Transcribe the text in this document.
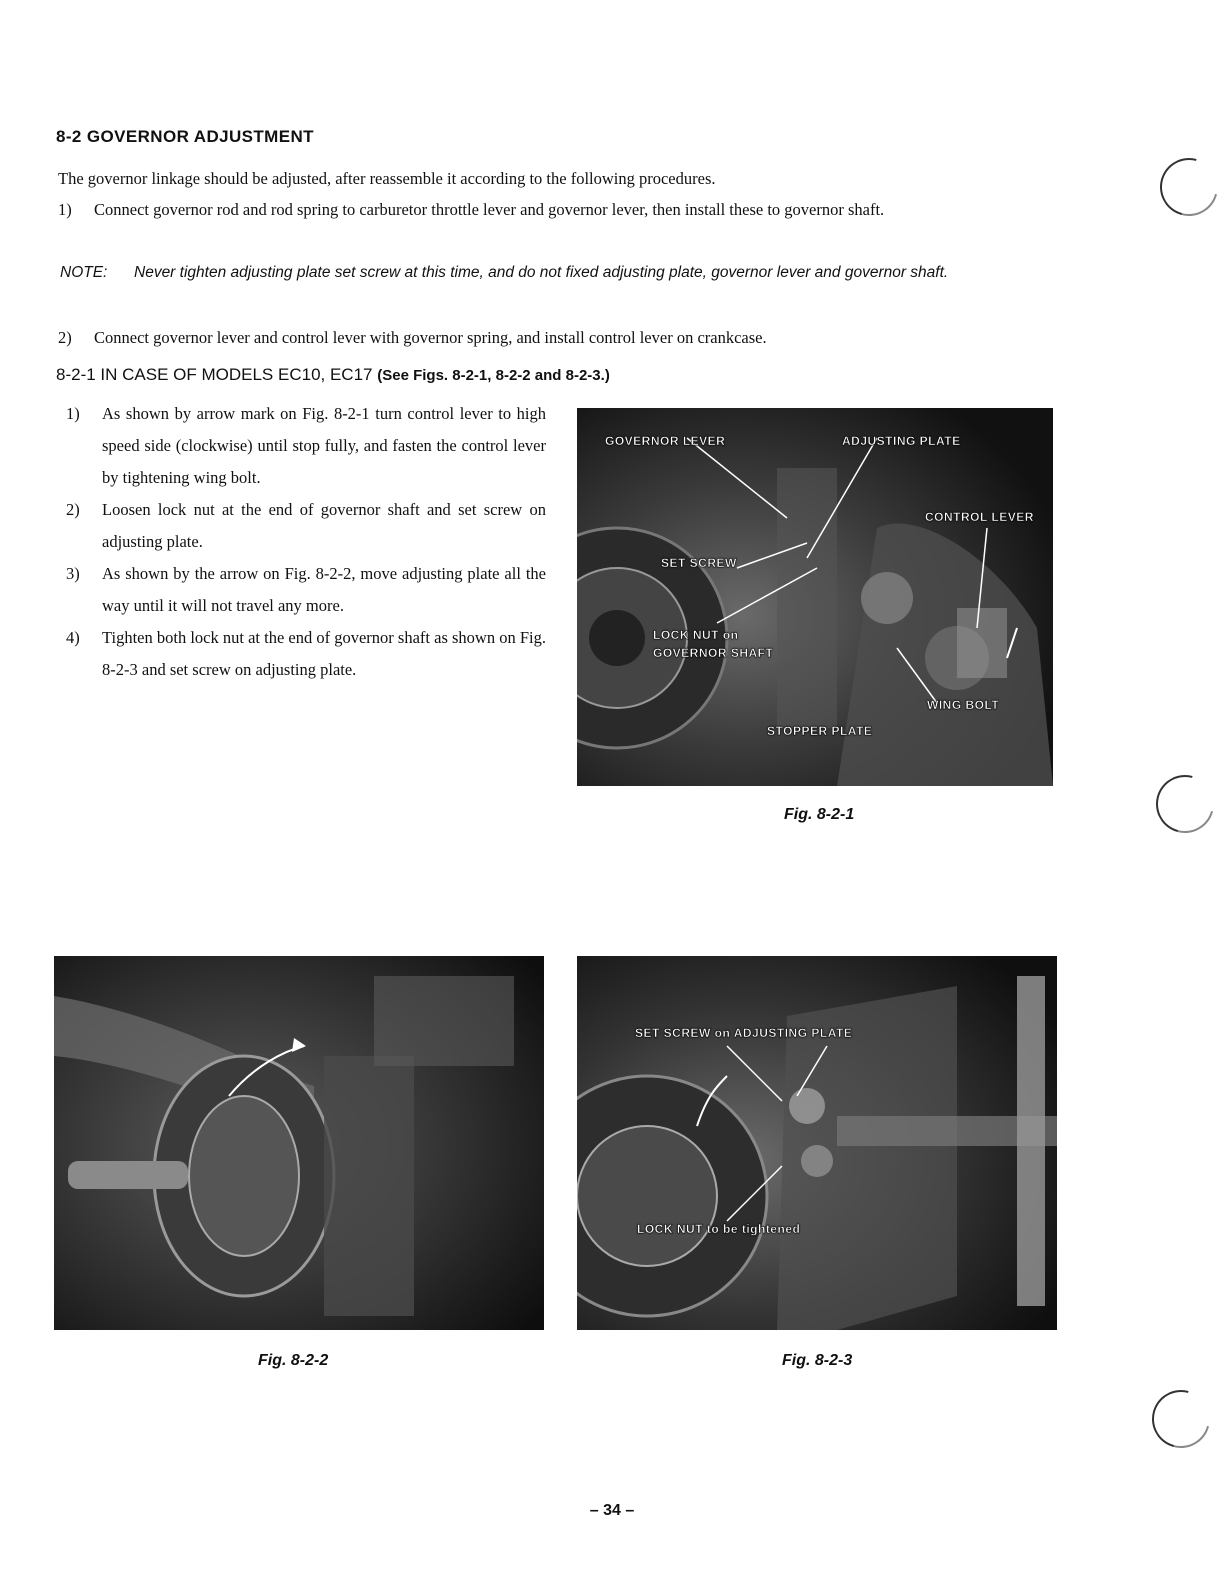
8-2 GOVERNOR ADJUSTMENT
The governor linkage should be adjusted, after reassemble it according to the following procedures.
1) Connect governor rod and rod spring to carburetor throttle lever and governor lever, then install these to governor shaft.
NOTE:	Never tighten adjusting plate set screw at this time, and do not fixed adjusting plate, governor lever and governor shaft.
2) Connect governor lever and control lever with governor spring, and install control lever on crankcase.
8-2-1 IN CASE OF MODELS EC10, EC17 (See Figs. 8-2-1, 8-2-2 and 8-2-3.)
1) As shown by arrow mark on Fig. 8-2-1 turn control lever to high speed side (clockwise) until stop fully, and fasten the control lever by tightening wing bolt.
2) Loosen lock nut at the end of governor shaft and set screw on adjusting plate.
3) As shown by the arrow on Fig. 8-2-2, move adjusting plate all the way until it will not travel any more.
4) Tighten both lock nut at the end of governor shaft as shown on Fig. 8-2-3 and set screw on adjusting plate.
GOVERNOR LEVER	ADJUSTING PLATE
CONTROL LEVER
SET SCREW
LOCK NUT on
GOVERNOR SHAFT
WING BOLT
STOPPER PLATE
Fig. 8-2-1
Fig. 8-2-2
SET SCREW on ADJUSTING PLATE
LOCK NUT to be tightened
Fig. 8-2-3
– 34 –
